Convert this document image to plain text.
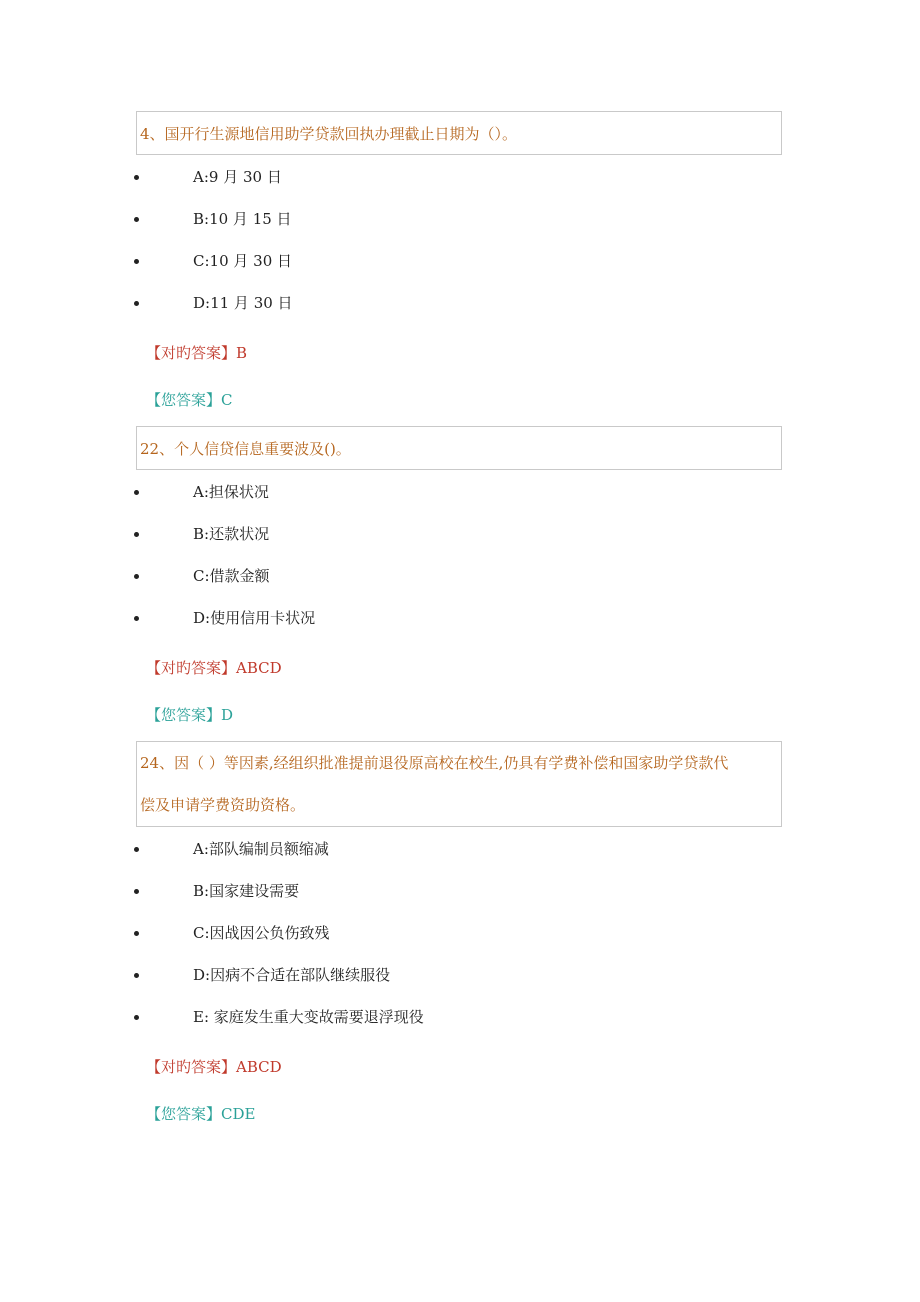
4、国开行生源地信用助学贷款回执办理截止日期为（）。
A:9 月 30 日
B:10 月 15 日
C:10 月 30 日
D:11 月 30 日
【对旳答案】B
【您答案】C
22、个人信贷信息重要波及()。
A:担保状况
B:还款状况
C:借款金额
D:使用信用卡状况
【对旳答案】ABCD
【您答案】D
24、因（ ）等因素,经组织批准提前退役原高校在校生,仍具有学费补偿和国家助学贷款代
偿及申请学费资助资格。
A:部队编制员额缩减
B:国家建设需要
C:因战因公负伤致残
D:因病不合适在部队继续服役
E: 家庭发生重大变故需要退浮现役
【对旳答案】ABCD
【您答案】CDE
